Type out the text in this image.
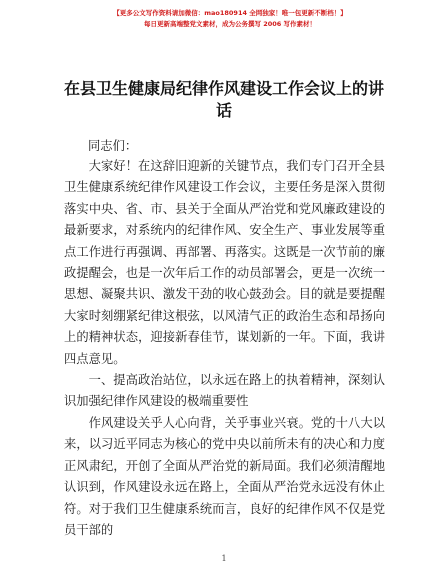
【更多公文写作资料请加微信：mao180914 全网独家！唯一包更新不断档！】
每日更新高端整党文素材，成为公务撰写 2006 写作素材！
在县卫生健康局纪律作风建设工作会议上的讲话
同志们：

大家好！在这辞旧迎新的关键节点，我们专门召开全县卫生健康系统纪律作风建设工作会议，主要任务是深入贯彻落实中央、省、市、县关于全面从严治党和党风廉政建设的最新要求，对系统内的纪律作风、安全生产、事业发展等重点工作进行再强调、再部署、再落实。这既是一次节前的廉政提醒会，也是一次年后工作的动员部署会，更是一次统一思想、凝聚共识、激发干劲的收心鼓劲会。目的就是要提醒大家时刻绷紧纪律这根弦，以风清气正的政治生态和昂扬向上的精神状态，迎接新春佳节，谋划新的一年。下面，我讲四点意见。

一、提高政治站位，以永远在路上的执着精神，深刻认识加强纪律作风建设的极端重要性

作风建设关乎人心向背，关乎事业兴衰。党的十八大以来，以习近平同志为核心的党中央以前所未有的决心和力度正风肃纪，开创了全面从严治党的新局面。我们必须清醒地认识到，作风建设永远在路上，全面从严治党永远没有休止符。对于我们卫生健康系统而言，良好的纪律作风不仅是党员干部的

1
